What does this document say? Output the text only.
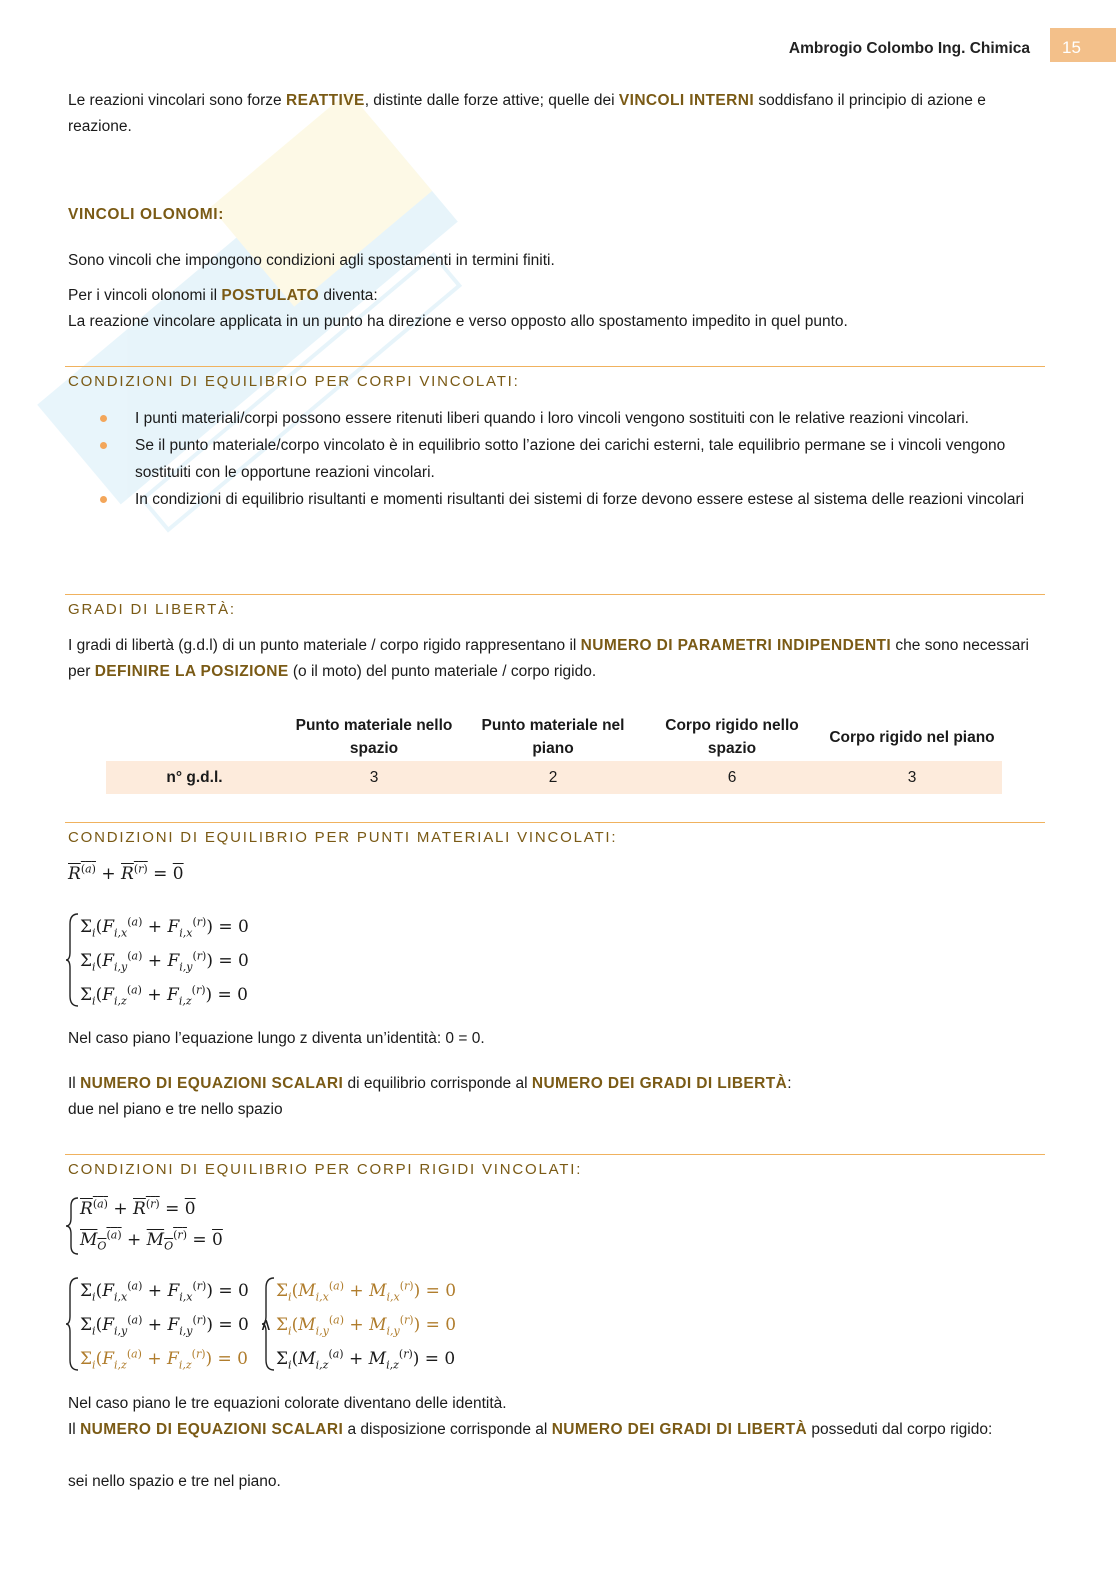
Ambrogio Colombo Ing. Chimica	15
Le reazioni vincolari sono forze REATTIVE, distinte dalle forze attive; quelle dei VINCOLI INTERNI soddisfano il principio di azione e reazione.
VINCOLI OLONOMI:
Sono vincoli che impongono condizioni agli spostamenti in termini finiti.
Per i vincoli olonomi il POSTULATO diventa:
La reazione vincolare applicata in un punto ha direzione e verso opposto allo spostamento impedito in quel punto.
CONDIZIONI DI EQUILIBRIO PER CORPI VINCOLATI:
I punti materiali/corpi possono essere ritenuti liberi quando i loro vincoli vengono sostituiti con le relative reazioni vincolari.
Se il punto materiale/corpo vincolato è in equilibrio sotto l’azione dei carichi esterni, tale equilibrio permane se i vincoli vengono sostituiti con le opportune reazioni vincolari.
In condizioni di equilibrio risultanti e momenti risultanti dei sistemi di forze devono essere estese al sistema delle reazioni vincolari
GRADI DI LIBERTÀ:
I gradi di libertà (g.d.l) di un punto materiale / corpo rigido rappresentano il NUMERO DI PARAMETRI INDIPENDENTI che sono necessari per DEFINIRE LA POSIZIONE (o il moto) del punto materiale / corpo rigido.
	Punto materiale nello spazio	Punto materiale nel piano	Corpo rigido nello spazio	Corpo rigido nel piano
n° g.d.l.	3	2	6	3
CONDIZIONI DI EQUILIBRIO PER PUNTI MATERIALI VINCOLATI:
$R^{(a)} + R^{(r)} = 0$
$\Sigma_i(F_{i,x}^{(a)} + F_{i,x}^{(r)}) = 0$
$\Sigma_i(F_{i,y}^{(a)} + F_{i,y}^{(r)}) = 0$
$\Sigma_i(F_{i,z}^{(a)} + F_{i,z}^{(r)}) = 0$
Nel caso piano l’equazione lungo z diventa un’identità: 0 = 0.
Il NUMERO DI EQUAZIONI SCALARI di equilibrio corrisponde al NUMERO DEI GRADI DI LIBERTÀ:
due nel piano e tre nello spazio
CONDIZIONI DI EQUILIBRIO PER CORPI RIGIDI VINCOLATI:
$R^{(a)} + R^{(r)} = 0$
$M_O^{(a)} + M_O^{(r)} = 0$
$\Sigma_i(F_{i,x}^{(a)} + F_{i,x}^{(r)}) = 0$
$\Sigma_i(F_{i,y}^{(a)} + F_{i,y}^{(r)}) = 0$  ∧
$\Sigma_i(F_{i,z}^{(a)} + F_{i,z}^{(r)}) = 0$
$\Sigma_i(M_{i,x}^{(a)} + M_{i,x}^{(r)}) = 0$
$\Sigma_i(M_{i,y}^{(a)} + M_{i,y}^{(r)}) = 0$
$\Sigma_i(M_{i,z}^{(a)} + M_{i,z}^{(r)}) = 0$
Nel caso piano le tre equazioni colorate diventano delle identità.
Il NUMERO DI EQUAZIONI SCALARI a disposizione corrisponde al NUMERO DEI GRADI DI LIBERTÀ posseduti dal corpo rigido:
sei nello spazio e tre nel piano.
